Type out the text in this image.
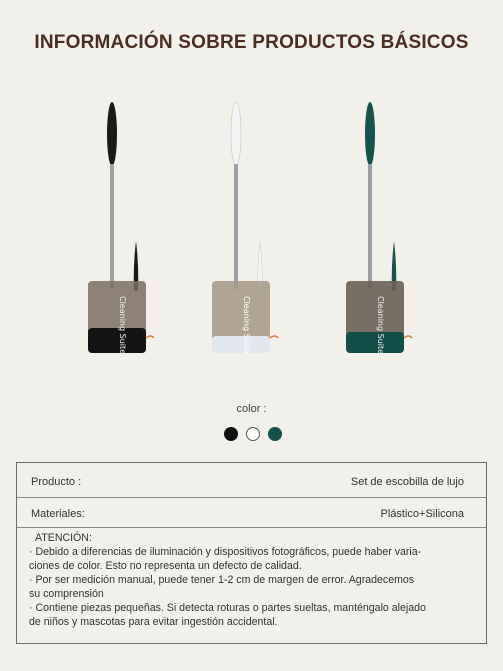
INFORMACIÓN SOBRE PRODUCTOS BÁSICOS
Cleaning Suite	Cleaning Suite	Cleaning Suite
color :
Producto :	Set de escobilla de lujo
Materiales:	Plástico+Silicona
ATENCIÓN:
· Debido a diferencias de iluminación y dispositivos fotográficos, puede haber varia-
ciones de color. Esto no representa un defecto de calidad.
· Por ser medición manual, puede tener 1-2 cm de margen de error. Agradecemos
su comprensión
· Contiene piezas pequeñas. Si detecta roturas o partes sueltas, manténgalo alejado
de niños y mascotas para evitar ingestión accidental.
